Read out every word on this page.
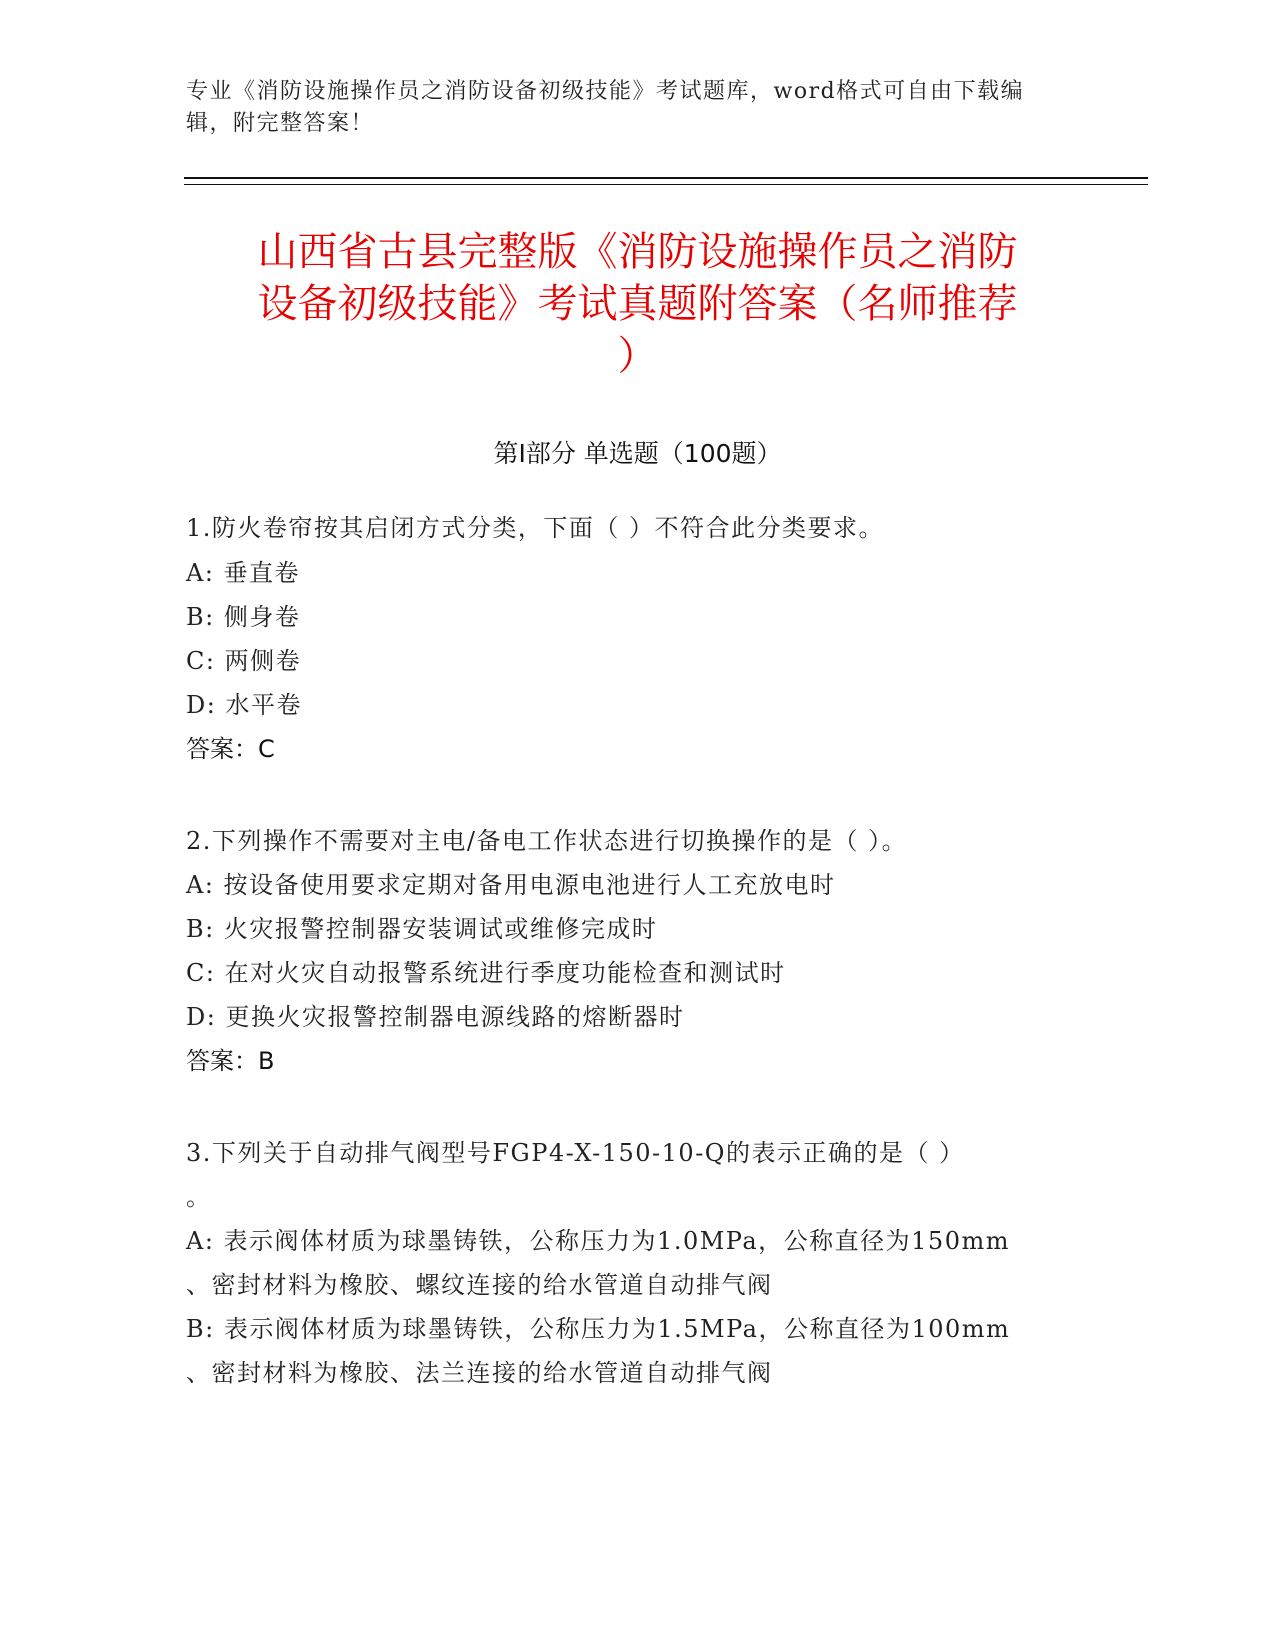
专业《消防设施操作员之消防设备初级技能》考试题库，word格式可自由下载编
辑，附完整答案！
山西省古县完整版《消防设施操作员之消防
设备初级技能》考试真题附答案（名师推荐
）
第Ⅰ部分 单选题（100题）
1.防火卷帘按其启闭方式分类，下面（ ）不符合此分类要求。
A: 垂直卷
B: 侧身卷
C: 两侧卷
D: 水平卷
答案：C
2.下列操作不需要对主电/备电工作状态进行切换操作的是（ ）。
A: 按设备使用要求定期对备用电源电池进行人工充放电时
B: 火灾报警控制器安装调试或维修完成时
C: 在对火灾自动报警系统进行季度功能检查和测试时
D: 更换火灾报警控制器电源线路的熔断器时
答案：B
3.下列关于自动排气阀型号FGP4-X-150-10-Q的表示正确的是（ ）
。
A: 表示阀体材质为球墨铸铁，公称压力为1.0MPa，公称直径为150mm
、密封材料为橡胶、螺纹连接的给水管道自动排气阀
B: 表示阀体材质为球墨铸铁，公称压力为1.5MPa，公称直径为100mm
、密封材料为橡胶、法兰连接的给水管道自动排气阀
